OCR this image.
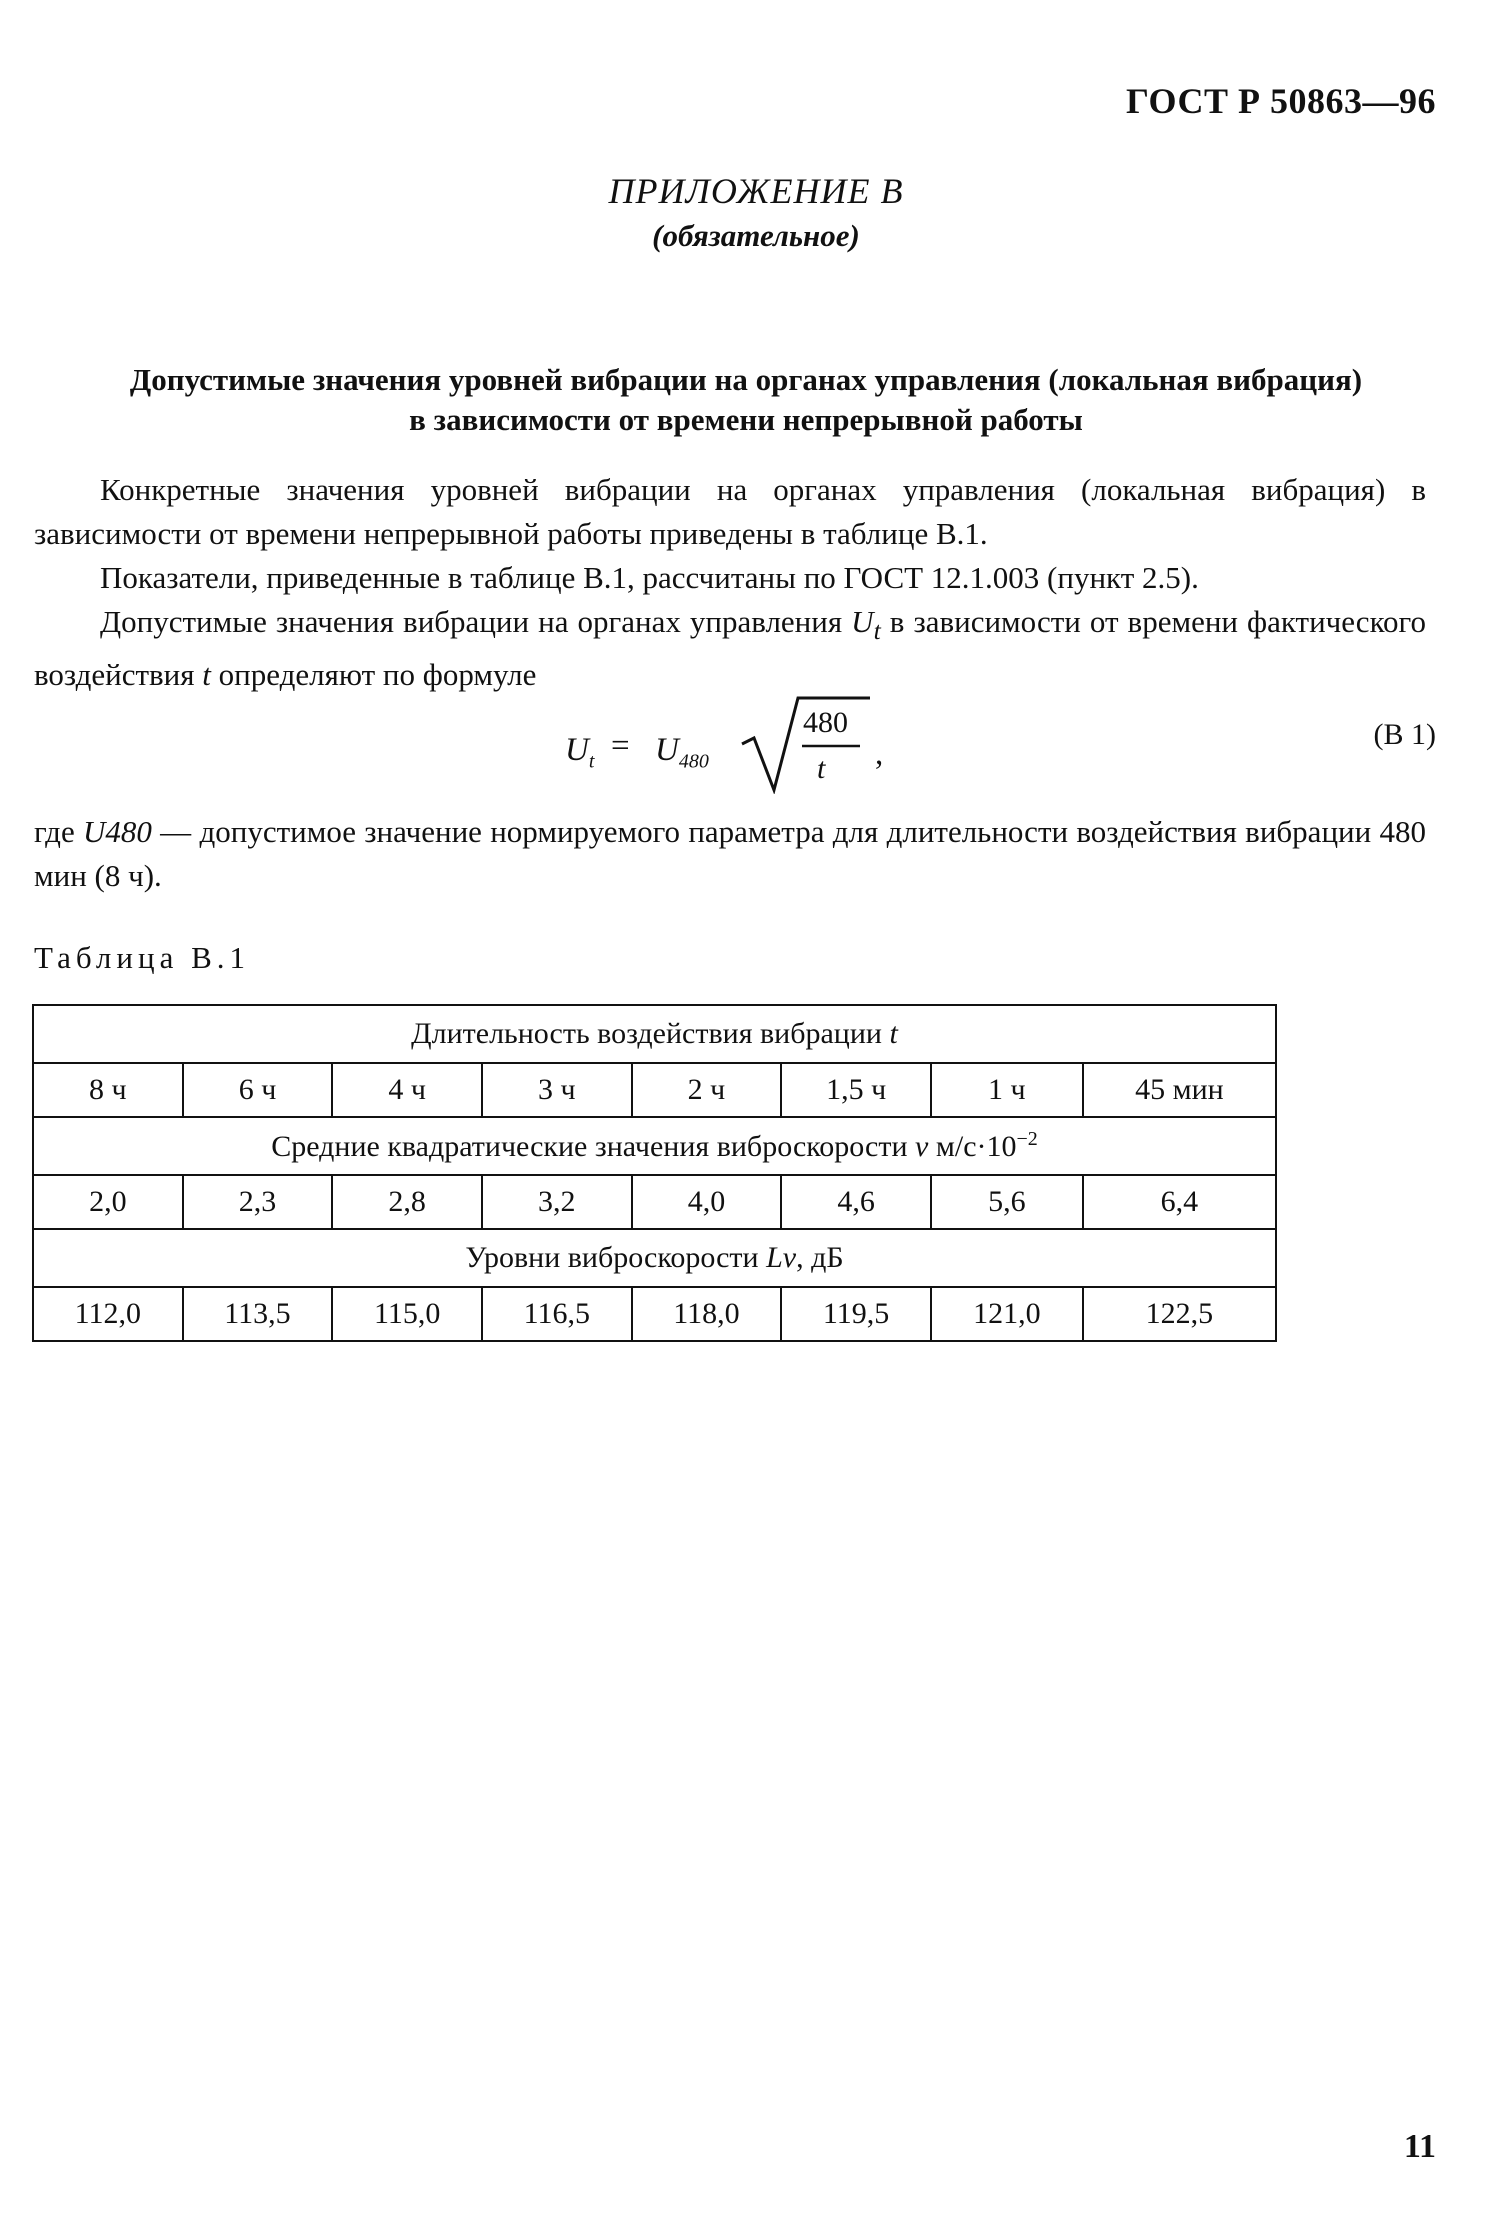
ГОСТ Р 50863—96
ПРИЛОЖЕНИЕ В
(обязательное)
Допустимые значения уровней вибрации на органах управления (локальная вибрация)
в зависимости от времени непрерывной работы
Конкретные значения уровней вибрации на органах управления (локальная вибрация) в зависимости от времени непрерывной работы приведены в таблице В.1.
Показатели, приведенные в таблице В.1, рассчитаны по ГОСТ 12.1.003 (пункт 2.5).
Допустимые значения вибрации на органах управления $U_t$ в зависимости от времени фактического воздействия t определяют по формуле
$U_t = U_{480}$
480
t ,
(В 1)
где U480 — допустимое значение нормируемого параметра для длительности воздействия вибрации 480 мин (8 ч).
Таблица В.1
Длительность воздействия вибрации t							
8 ч	6 ч	4 ч	3 ч	2 ч	1,5 ч	1 ч	45 мин
Средние квадратические значения виброскорости v $м/с\cdot 10^{-2}$
2,0	2,3	2,8	3,2	4,0	4,6	5,6	6,4
Уровни виброскорости Lv, дБ							
112,0	113,5	115,0	116,5	118,0	119,5	121,0	122,5
11
